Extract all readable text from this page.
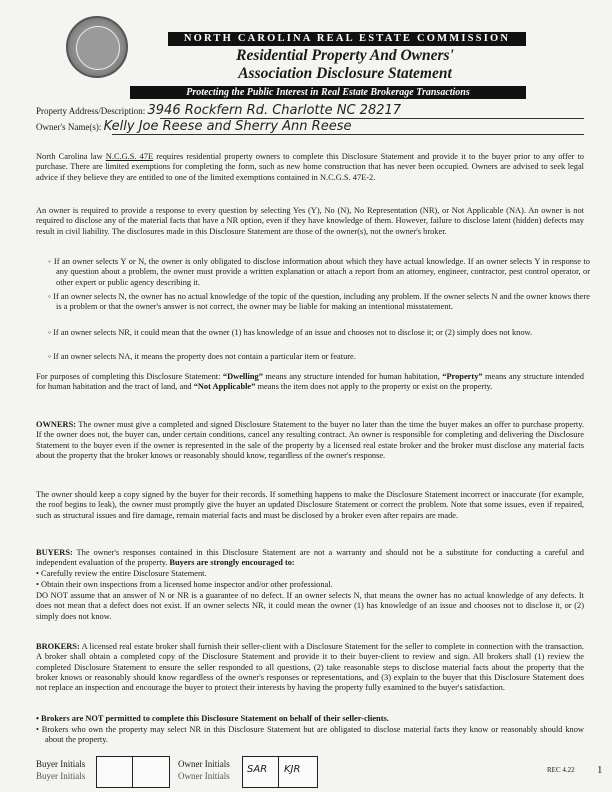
NORTH CAROLINA REAL ESTATE COMMISSION
Residential Property And Owners'
Association Disclosure Statement
Protecting the Public Interest in Real Estate Brokerage Transactions
Property Address/Description: 3946 Rockfern Rd. Charlotte NC 28217
Owner's Name(s): Kelly Joe Reese and Sherry Ann Reese
North Carolina law N.C.G.S. 47E requires residential property owners to complete this Disclosure Statement and provide it to the buyer prior to any offer to purchase. There are limited exemptions for completing the form, such as new home construction that has never been occupied. Owners are advised to seek legal advice if they believe they are entitled to one of the limited exemptions contained in N.C.G.S. 47E-2.
An owner is required to provide a response to every question by selecting Yes (Y), No (N), No Representation (NR), or Not Applicable (NA). An owner is not required to disclose any of the material facts that have a NR option, even if they have knowledge of them. However, failure to disclose latent (hidden) defects may result in civil liability. The disclosures made in this Disclosure Statement are those of the owner(s), not the owner's broker.
◦ If an owner selects Y or N, the owner is only obligated to disclose information about which they have actual knowledge. If an owner selects Y in response to any question about a problem, the owner must provide a written explanation or attach a report from an attorney, engineer, contractor, pest control operator, or other expert or public agency describing it.
◦ If an owner selects N, the owner has no actual knowledge of the topic of the question, including any problem. If the owner selects N and the owner knows there is a problem or that the owner's answer is not correct, the owner may be liable for making an intentional misstatement.
◦ If an owner selects NR, it could mean that the owner (1) has knowledge of an issue and chooses not to disclose it; or (2) simply does not know.
◦ If an owner selects NA, it means the property does not contain a particular item or feature.
For purposes of completing this Disclosure Statement: “Dwelling” means any structure intended for human habitation, “Property” means any structure intended for human habitation and the tract of land, and “Not Applicable” means the item does not apply to the property or exist on the property.
OWNERS: The owner must give a completed and signed Disclosure Statement to the buyer no later than the time the buyer makes an offer to purchase property. If the owner does not, the buyer can, under certain conditions, cancel any resulting contract. An owner is responsible for completing and delivering the Disclosure Statement to the buyer even if the owner is represented in the sale of the property by a licensed real estate broker and the broker must disclose any material facts about the property that the broker knows or reasonably should know, regardless of the owner's response.
The owner should keep a copy signed by the buyer for their records. If something happens to make the Disclosure Statement incorrect or inaccurate (for example, the roof begins to leak), the owner must promptly give the buyer an updated Disclosure Statement or correct the problem. Note that some issues, even if repaired, such as structural issues and fire damage, remain material facts and must be disclosed by a broker even after repairs are made.
BUYERS: The owner's responses contained in this Disclosure Statement are not a warranty and should not be a substitute for conducting a careful and independent evaluation of the property. Buyers are strongly encouraged to:
• Carefully review the entire Disclosure Statement.
• Obtain their own inspections from a licensed home inspector and/or other professional.
DO NOT assume that an answer of N or NR is a guarantee of no defect. If an owner selects N, that means the owner has no actual knowledge of any defects. It does not mean that a defect does not exist. If an owner selects NR, it could mean the owner (1) has knowledge of an issue and chooses not to disclose it, or (2) simply does not know.
BROKERS: A licensed real estate broker shall furnish their seller-client with a Disclosure Statement for the seller to complete in connection with the transaction. A broker shall obtain a completed copy of the Disclosure Statement and provide it to their buyer-client to review and sign. All brokers shall (1) review the completed Disclosure Statement to ensure the seller responded to all questions, (2) take reasonable steps to disclose material facts about the property that the broker knows or reasonably should know regardless of the owner's responses or representations, and (3) explain to the buyer that this Disclosure Statement does not replace an inspection and encourage the buyer to protect their interests by having the property fully examined to the buyer's satisfaction.
• Brokers are NOT permitted to complete this Disclosure Statement on behalf of their seller-clients.
• Brokers who own the property may select NR in this Disclosure Statement but are obligated to disclose material facts they know or reasonably should know about the property.
Buyer Initials
Buyer Initials
Owner Initials
Owner Initials
SAR KJR	REC 4.22 1
